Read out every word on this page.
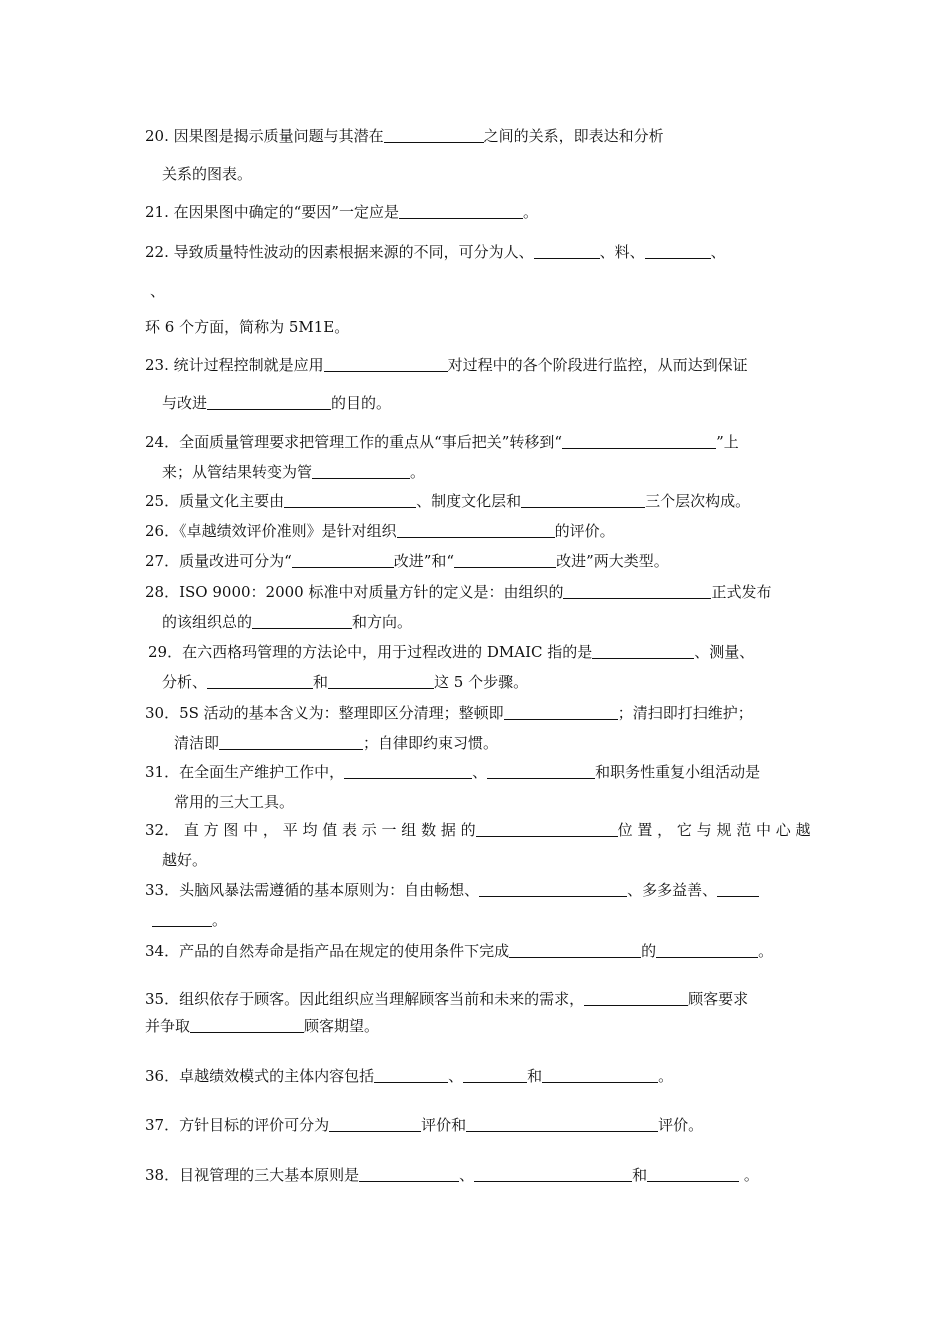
20. 因果图是揭示质量问题与其潜在	之间的关系，即表达和分析
关系的图表。
21. 在因果图中确定的“要因”一定应是	。
22. 导致质量特性波动的因素根据来源的不同，可分为人、	、料、	、
、
环 6 个方面，简称为 5M1E。
23. 统计过程控制就是应用	对过程中的各个阶段进行监控，从而达到保证
与改进	的目的。
24．全面质量管理要求把管理工作的重点从“事后把关”转移到“	”上
来；从管结果转变为管	。
25．质量文化主要由	、制度文化层和	三个层次构成。
26．《卓越绩效评价准则》是针对组织	的评价。
27．质量改进可分为“	改进”和“	改进”两大类型。
28．ISO 9000：2000 标准中对质量方针的定义是：由组织的	正式发布
的该组织总的	和方向。
29．在六西格玛管理的方法论中，用于过程改进的 DMAIC 指的是	、测量、
分析、	和	这 5 个步骤。
30．5S 活动的基本含义为：整理即区分清理；整顿即	；清扫即打扫维护；
清洁即	；自律即约束习惯。
31．在全面生产维护工作中，	、	和职务性重复小组活动是
常用的三大工具。
32． 直 方 图 中 ， 平 均 值 表 示 一 组 数 据 的	位 置 ， 它 与 规 范 中 心 越
越好。
33．头脑风暴法需遵循的基本原则为：自由畅想、	、多多益善、
。
34．产品的自然寿命是指产品在规定的使用条件下完成	的	。
35．组织依存于顾客。因此组织应当理解顾客当前和未来的需求，	顾客要求
并争取	顾客期望。
36．卓越绩效模式的主体内容包括	、	和	。
37．方针目标的评价可分为	评价和	评价。
38．目视管理的三大基本原则是	、	和	。
